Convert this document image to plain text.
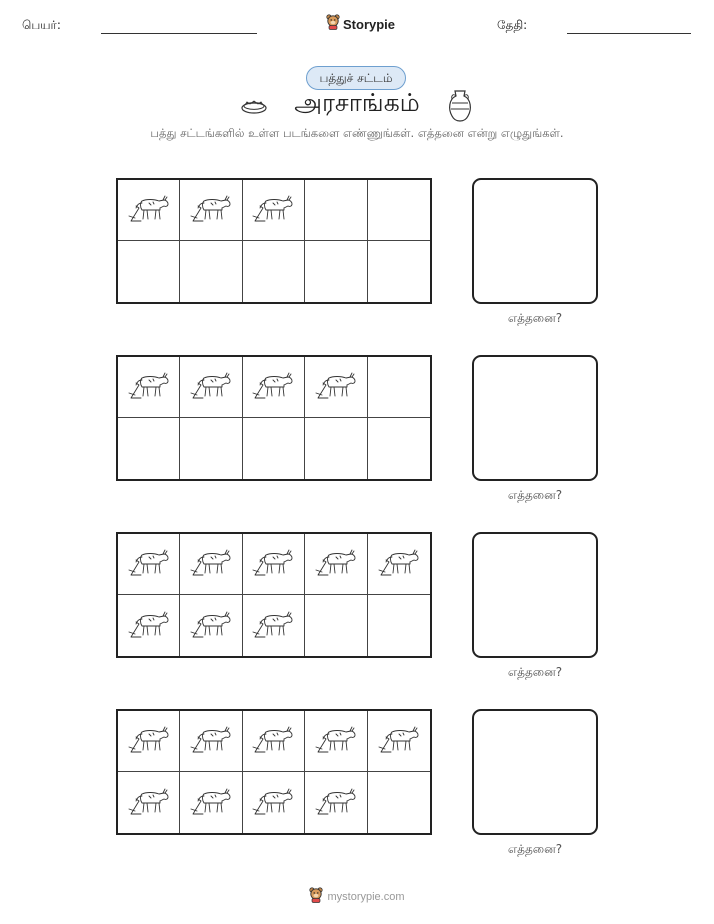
பெயர்:	Storypie	தேதி:
பத்துச் சட்டம்
அரசாங்கம்
பத்து சட்டங்களில் உள்ள படங்களை எண்ணுங்கள். எத்தனை என்று எழுதுங்கள்.
எத்தனை?
எத்தனை?
எத்தனை?
எத்தனை?
mystorypie.com
